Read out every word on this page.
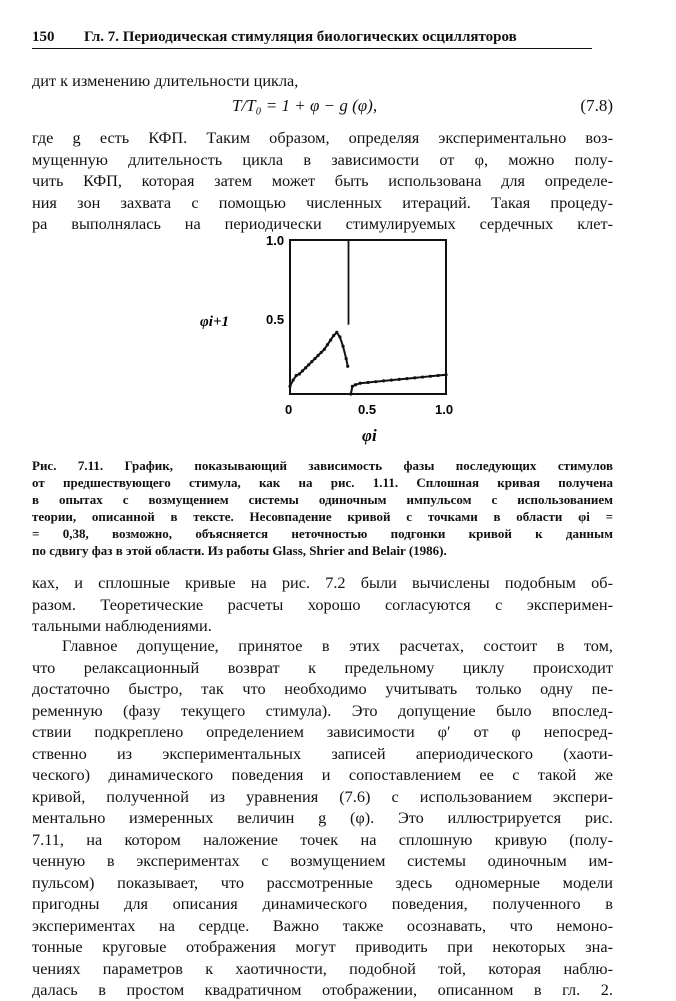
150 Гл. 7. Периодическая стимуляция биологических осцилляторов
дит к изменению длительности цикла,
T/T₀ = 1 + φ − g (φ),	(7.8)
где g есть КФП. Таким образом, определяя экспериментально воз-
мущенную длительность цикла в зависимости от φ, можно полу-
чить КФП, которая затем может быть использована для определе-
ния зон захвата с помощью численных итераций. Такая процеду-
ра выполнялась на периодически стимулируемых сердечных клет-
1.0
0.5
φi+1
0	0.5	1.0
φi
Рис. 7.11. График, показывающий зависимость фазы последующих стимулов
от предшествующего стимула, как на рис. 1.11. Сплошная кривая получена
в опытах с возмущением системы одиночным импульсом с использованием
теории, описанной в тексте. Несовпадение кривой с точками в области φi =
= 0,38, возможно, объясняется неточностью подгонки кривой к данным
по сдвигу фаз в этой области. Из работы Glass, Shrier and Belair (1986).
ках, и сплошные кривые на рис. 7.2 были вычислены подобным об-
разом. Теоретические расчеты хорошо согласуются с эксперимен-
тальными наблюдениями.
Главное допущение, принятое в этих расчетах, состоит в том,
что релаксационный возврат к предельному циклу происходит
достаточно быстро, так что необходимо учитывать только одну пе-
ременную (фазу текущего стимула). Это допущение было впослед-
ствии подкреплено определением зависимости φ′ от φ непосред-
ственно из экспериментальных записей апериодического (хаоти-
ческого) динамического поведения и сопоставлением ее с такой же
кривой, полученной из уравнения (7.6) с использованием экспери-
ментально измеренных величин g (φ). Это иллюстрируется рис.
7.11, на котором наложение точек на сплошную кривую (полу-
ченную в экспериментах с возмущением системы одиночным им-
пульсом) показывает, что рассмотренные здесь одномерные модели
пригодны для описания динамического поведения, полученного в
экспериментах на сердце. Важно также осознавать, что немоно-
тонные круговые отображения могут приводить при некоторых зна-
чениях параметров к хаотичности, подобной той, которая наблю-
далась в простом квадратичном отображении, описанном в гл. 2.
